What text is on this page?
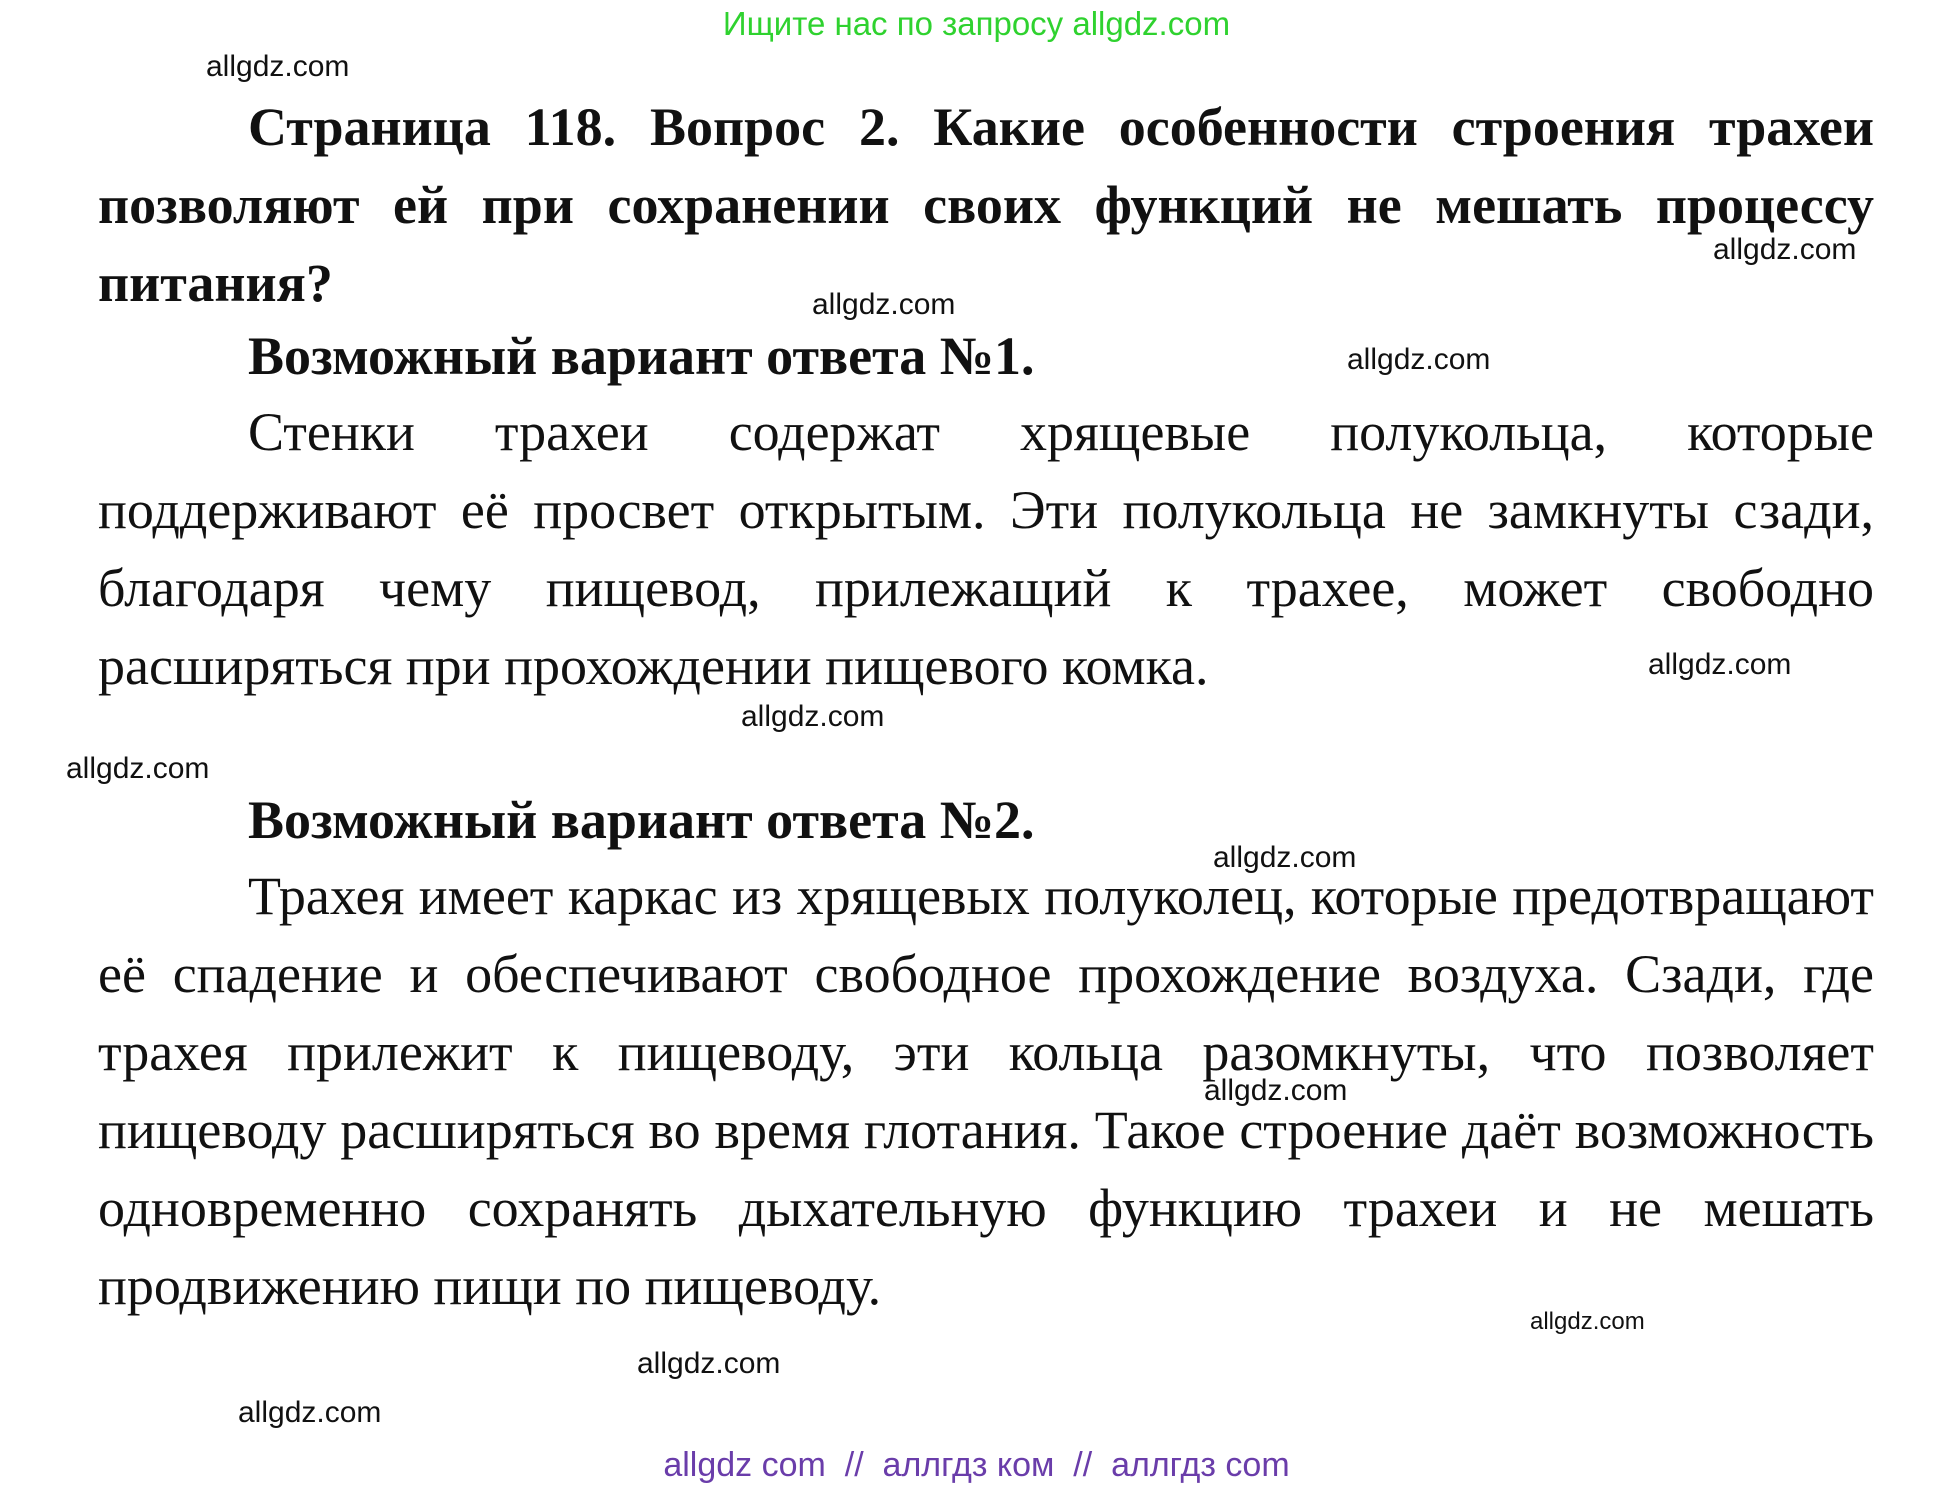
Ищите нас по запросу allgdz.com
Страница 118. Вопрос 2. Какие особенности строения трахеи позволяют ей при сохранении своих функций не мешать процессу питания?
Возможный вариант ответа №1.
Стенки трахеи содержат хрящевые полукольца, которые поддерживают её просвет открытым. Эти полукольца не замкнуты сзади, благодаря чему пищевод, прилежащий к трахее, может свободно расширяться при прохождении пищевого комка.
Возможный вариант ответа №2.
Трахея имеет каркас из хрящевых полуколец, которые предотвращают её спадение и обеспечивают свободное прохождение воздуха. Сзади, где трахея прилежит к пищеводу, эти кольца разомкнуты, что позволяет пищеводу расширяться во время глотания. Такое строение даёт возможность одновременно сохранять дыхательную функцию трахеи и не мешать продвижению пищи по пищеводу.
allgdz.com
allgdz.com
allgdz.com
allgdz.com
allgdz.com
allgdz.com
allgdz.com
allgdz.com
allgdz.com
allgdz.com
allgdz.com
allgdz.com
allgdz com  //  аллгдз ком  //  аллгдз com
